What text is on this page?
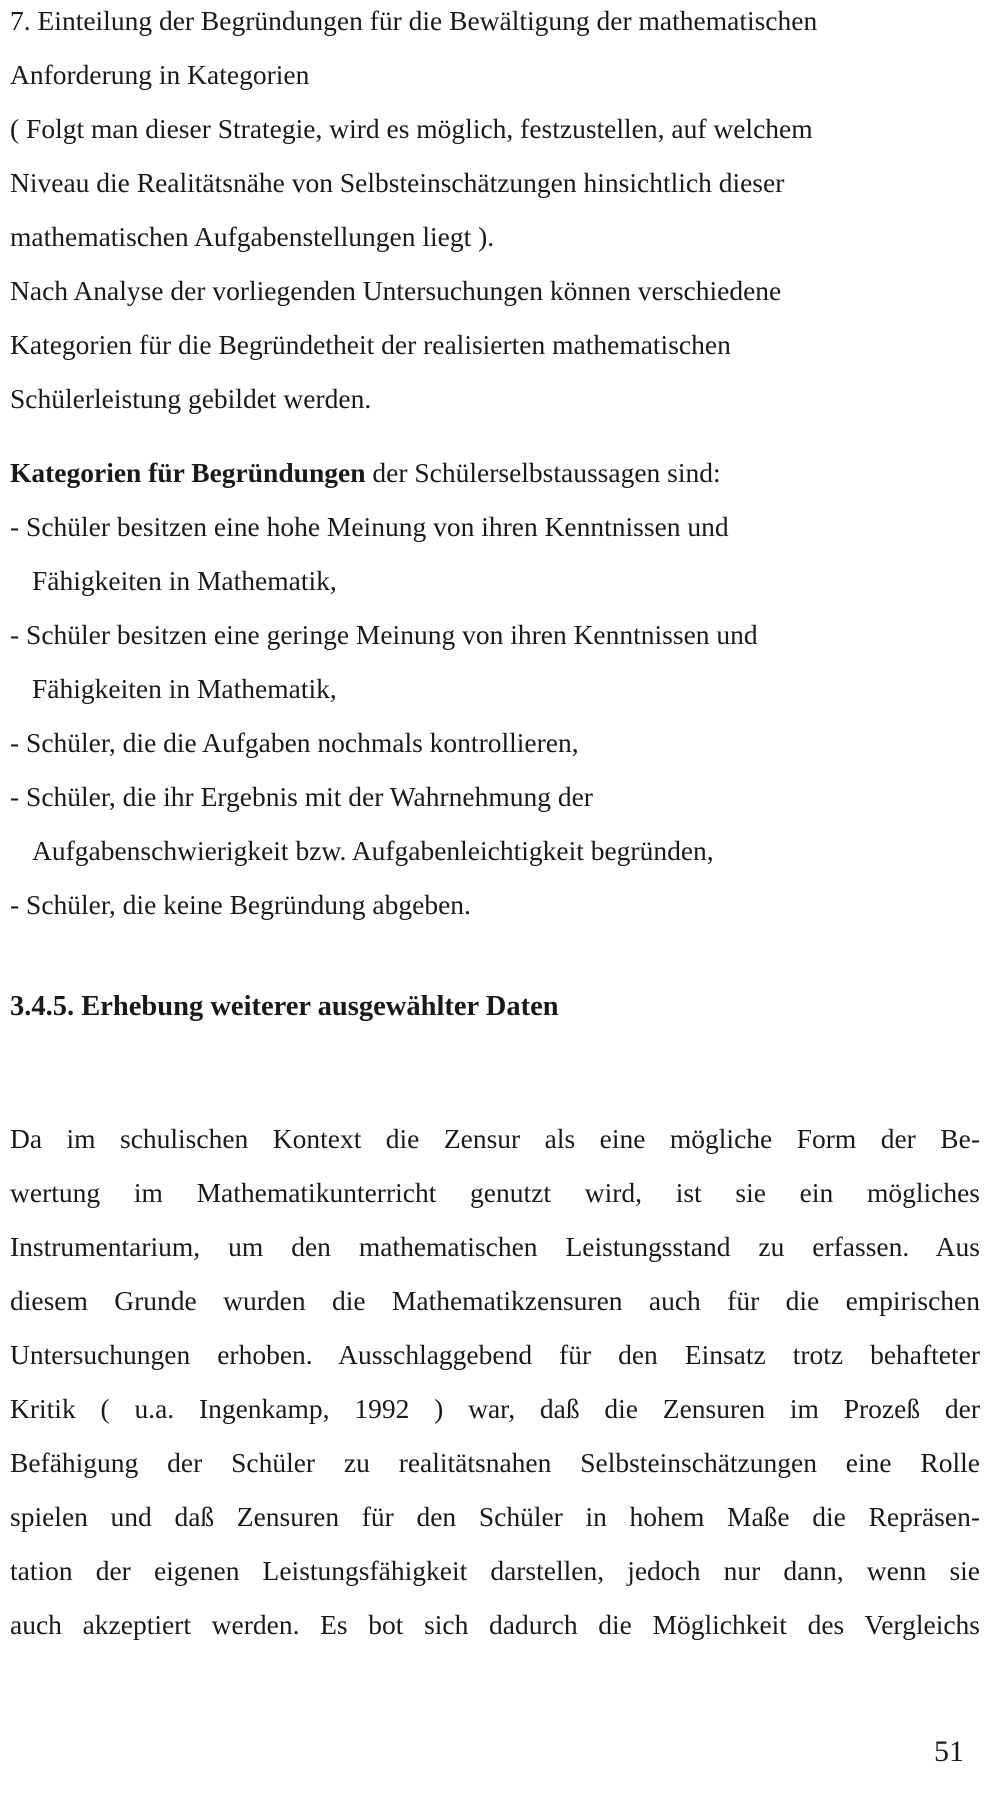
7. Einteilung der Begründungen für die Bewältigung der mathematischen
Anforderung in Kategorien
( Folgt man dieser Strategie, wird es möglich, festzustellen, auf welchem
Niveau die Realitätsnähe von Selbsteinschätzungen hinsichtlich dieser
mathematischen Aufgabenstellungen liegt ).
Nach Analyse der vorliegenden Untersuchungen können verschiedene
Kategorien für die Begründetheit der realisierten mathematischen
Schülerleistung gebildet werden.
Kategorien für Begründungen der Schülerselbstaussagen sind:
- Schüler besitzen eine hohe Meinung von ihren Kenntnissen und
Fähigkeiten in Mathematik,
- Schüler besitzen eine geringe Meinung von ihren Kenntnissen und
Fähigkeiten in Mathematik,
- Schüler, die die Aufgaben nochmals kontrollieren,
- Schüler, die ihr Ergebnis mit der Wahrnehmung der
Aufgabenschwierigkeit bzw. Aufgabenleichtigkeit begründen,
- Schüler, die keine Begründung abgeben.
3.4.5. Erhebung weiterer ausgewählter Daten
Da im schulischen Kontext die Zensur als eine mögliche Form der Be-
wertung im Mathematikunterricht genutzt wird, ist sie ein mögliches
Instrumentarium, um den mathematischen Leistungsstand zu erfassen. Aus
diesem Grunde wurden die Mathematikzensuren auch für die empirischen
Untersuchungen erhoben. Ausschlaggebend für den Einsatz trotz behafteter
Kritik ( u.a. Ingenkamp, 1992 ) war, daß die Zensuren im Prozeß der
Befähigung der Schüler zu realitätsnahen Selbsteinschätzungen eine Rolle
spielen und daß Zensuren für den Schüler in hohem Maße die Repräsen-
tation der eigenen Leistungsfähigkeit darstellen, jedoch nur dann, wenn sie
auch akzeptiert werden. Es bot sich dadurch die Möglichkeit des Vergleichs
51
